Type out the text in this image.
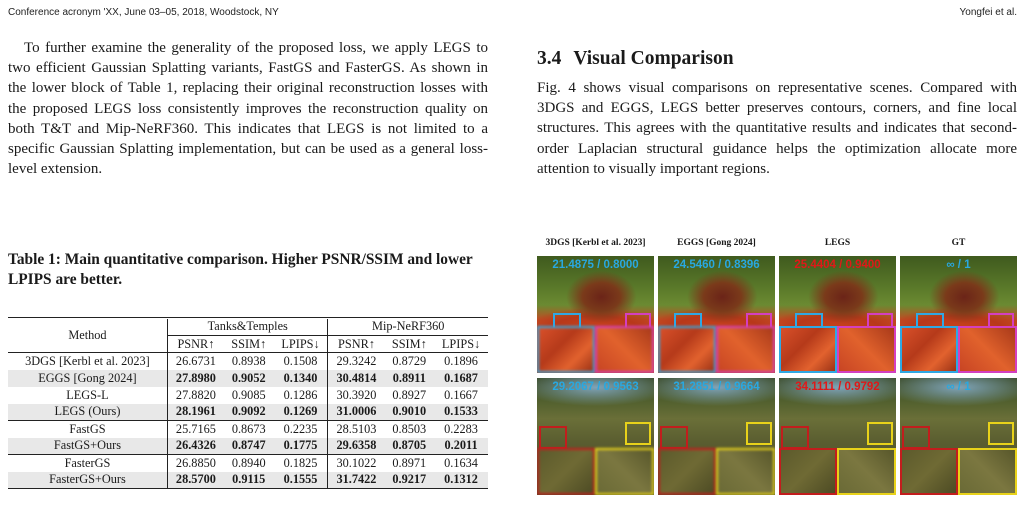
Conference acronym 'XX, June 03–05, 2018, Woodstock, NY	Yongfei et al.

To further examine the generality of the proposed loss, we apply LEGS to two efficient Gaussian Splatting variants, FastGS and FasterGS. As shown in the lower block of Table 1, replacing their original reconstruction losses with the proposed LEGS loss consistently improves the reconstruction quality on both T&T and Mip-NeRF360. This indicates that LEGS is not limited to a specific Gaussian Splatting implementation, but can be used as a general loss-level extension.

Table 1: Main quantitative comparison. Higher PSNR/SSIM and lower LPIPS are better.

Method	Tanks&Temples			Mip-NeRF360		
	PSNR↑	SSIM↑	LPIPS↓	PSNR↑	SSIM↑	LPIPS↓
3DGS [Kerbl et al. 2023]	26.6731	0.8938	0.1508	29.3242	0.8729	0.1896
EGGS [Gong 2024]	27.8980	0.9052	0.1340	30.4814	0.8911	0.1687
LEGS-L	27.8820	0.9085	0.1286	30.3920	0.8927	0.1667
LEGS (Ours)	28.1961	0.9092	0.1269	31.0006	0.9010	0.1533
FastGS	25.7165	0.8673	0.2235	28.5103	0.8503	0.2283
FastGS+Ours	26.4326	0.8747	0.1775	29.6358	0.8705	0.2011
FasterGS	26.8850	0.8940	0.1825	30.1022	0.8971	0.1634
FasterGS+Ours	28.5700	0.9115	0.1555	31.7422	0.9217	0.1312
3.4 Visual Comparison

Fig. 4 shows visual comparisons on representative scenes. Compared with 3DGS and EGGS, LEGS better preserves contours, corners, and fine local structures. This agrees with the quantitative results and indicates that second-order Laplacian structural guidance helps the optimization allocate more attention to visually important regions.

3DGS [Kerbl et al. 2023]	EGGS [Gong 2024]	LEGS	GT
21.4875 / 0.8000	24.5460 / 0.8396	25.4404 / 0.9400	∞ / 1
29.2067 / 0.9563	31.2851 / 0.9664	34.1111 / 0.9792	∞ / 1
